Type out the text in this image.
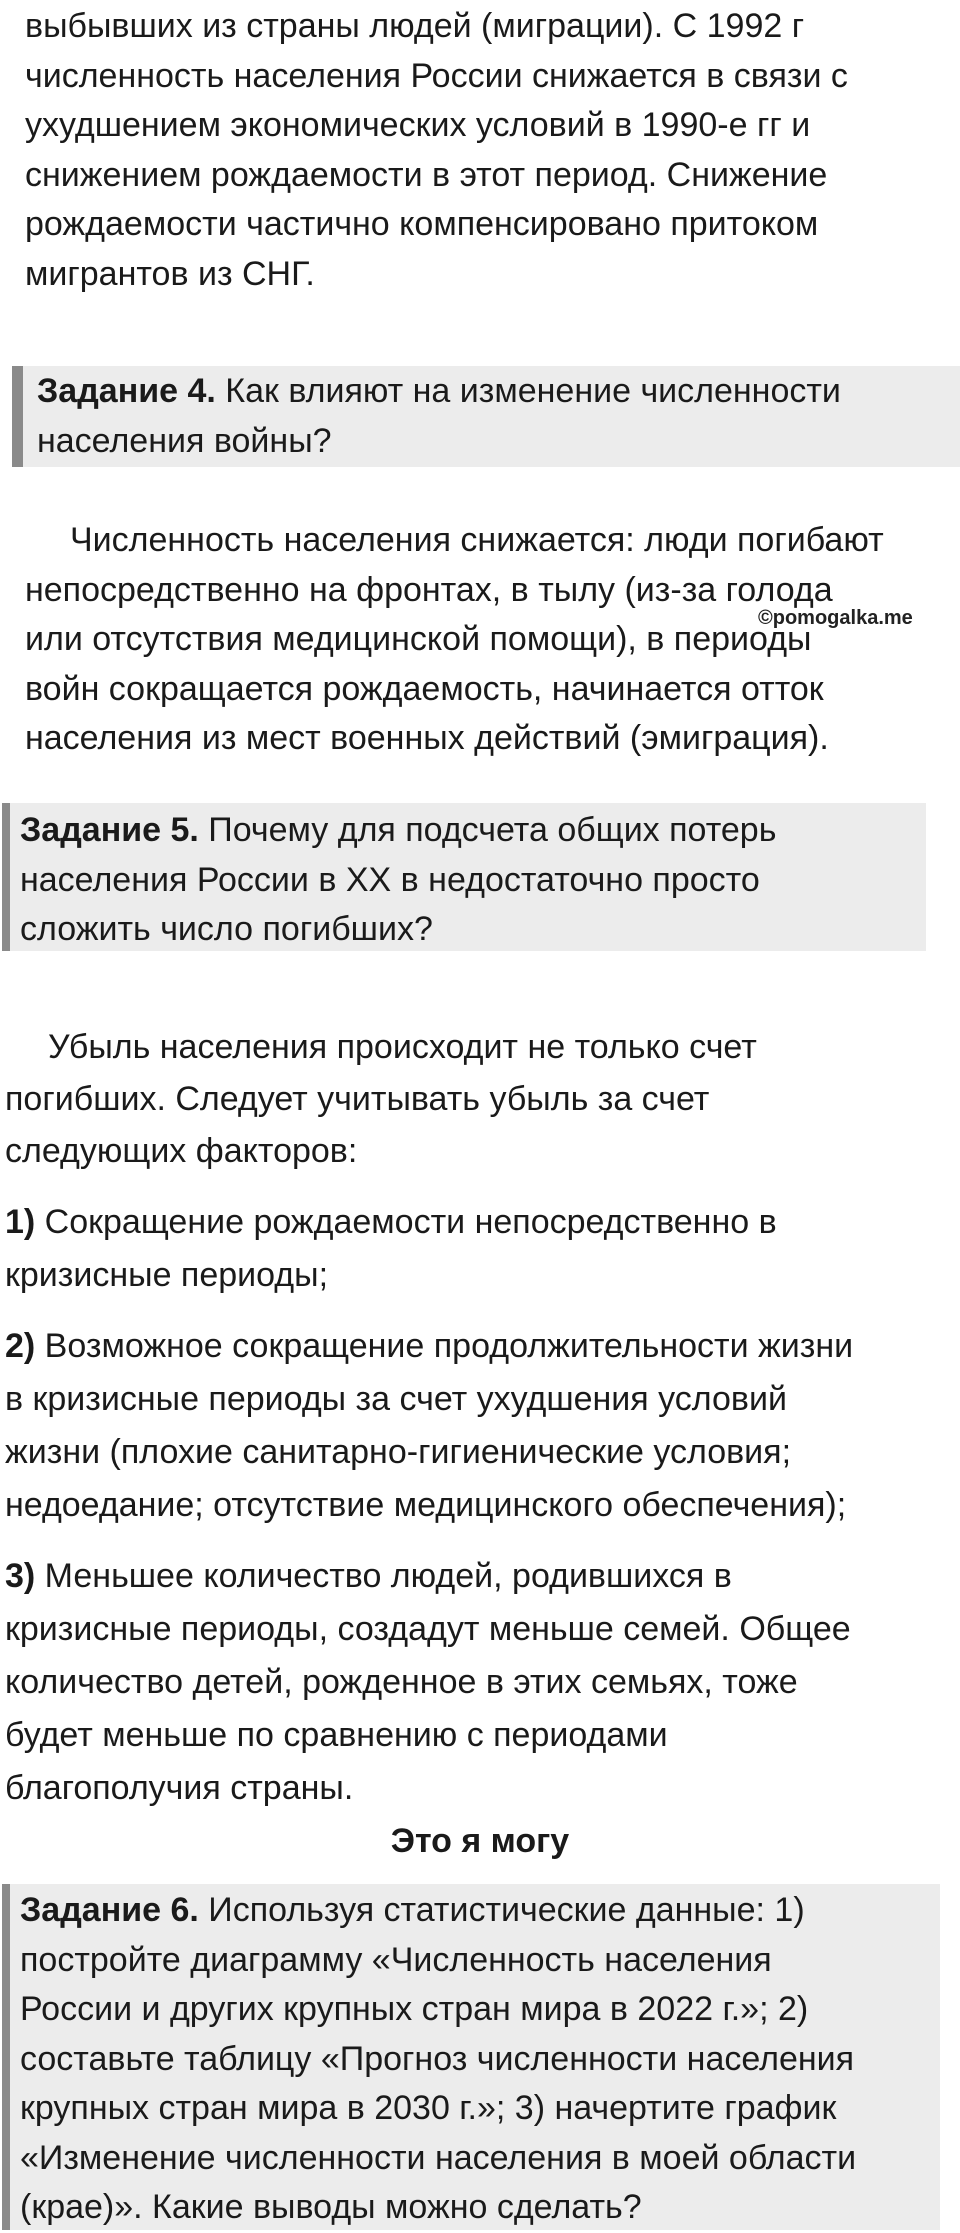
выбывших из страны людей (миграции). С 1992 г
численность населения России снижается в связи с
ухудшением экономических условий в 1990-е гг и
снижением рождаемости в этот период. Снижение
рождаемости частично компенсировано притоком
мигрантов из СНГ.
Задание 4. Как влияют на изменение численности
населения войны?
Численность населения снижается: люди погибают
непосредственно на фронтах, в тылу (из-за голода
или отсутствия медицинской помощи), в периоды
войн сокращается рождаемость, начинается отток
населения из мест военных действий (эмиграция).
©pomogalka.me
Задание 5. Почему для подсчета общих потерь
населения России в XX в недостаточно просто
сложить число погибших?
Убыль населения происходит не только счет
погибших. Следует учитывать убыль за счет
следующих факторов:
1) Сокращение рождаемости непосредственно в
кризисные периоды;
2) Возможное сокращение продолжительности жизни
в кризисные периоды за счет ухудшения условий
жизни (плохие санитарно-гигиенические условия;
недоедание; отсутствие медицинского обеспечения);
3) Меньшее количество людей, родившихся в
кризисные периоды, создадут меньше семей. Общее
количество детей, рожденное в этих семьях, тоже
будет меньше по сравнению с периодами
благополучия страны.
Это я могу
Задание 6. Используя статистические данные: 1)
постройте диаграмму «Численность населения
России и других крупных стран мира в 2022 г.»; 2)
составьте таблицу «Прогноз численности населения
крупных стран мира в 2030 г.»; 3) начертите график
«Изменение численности населения в моей области
(крае)». Какие выводы можно сделать?
